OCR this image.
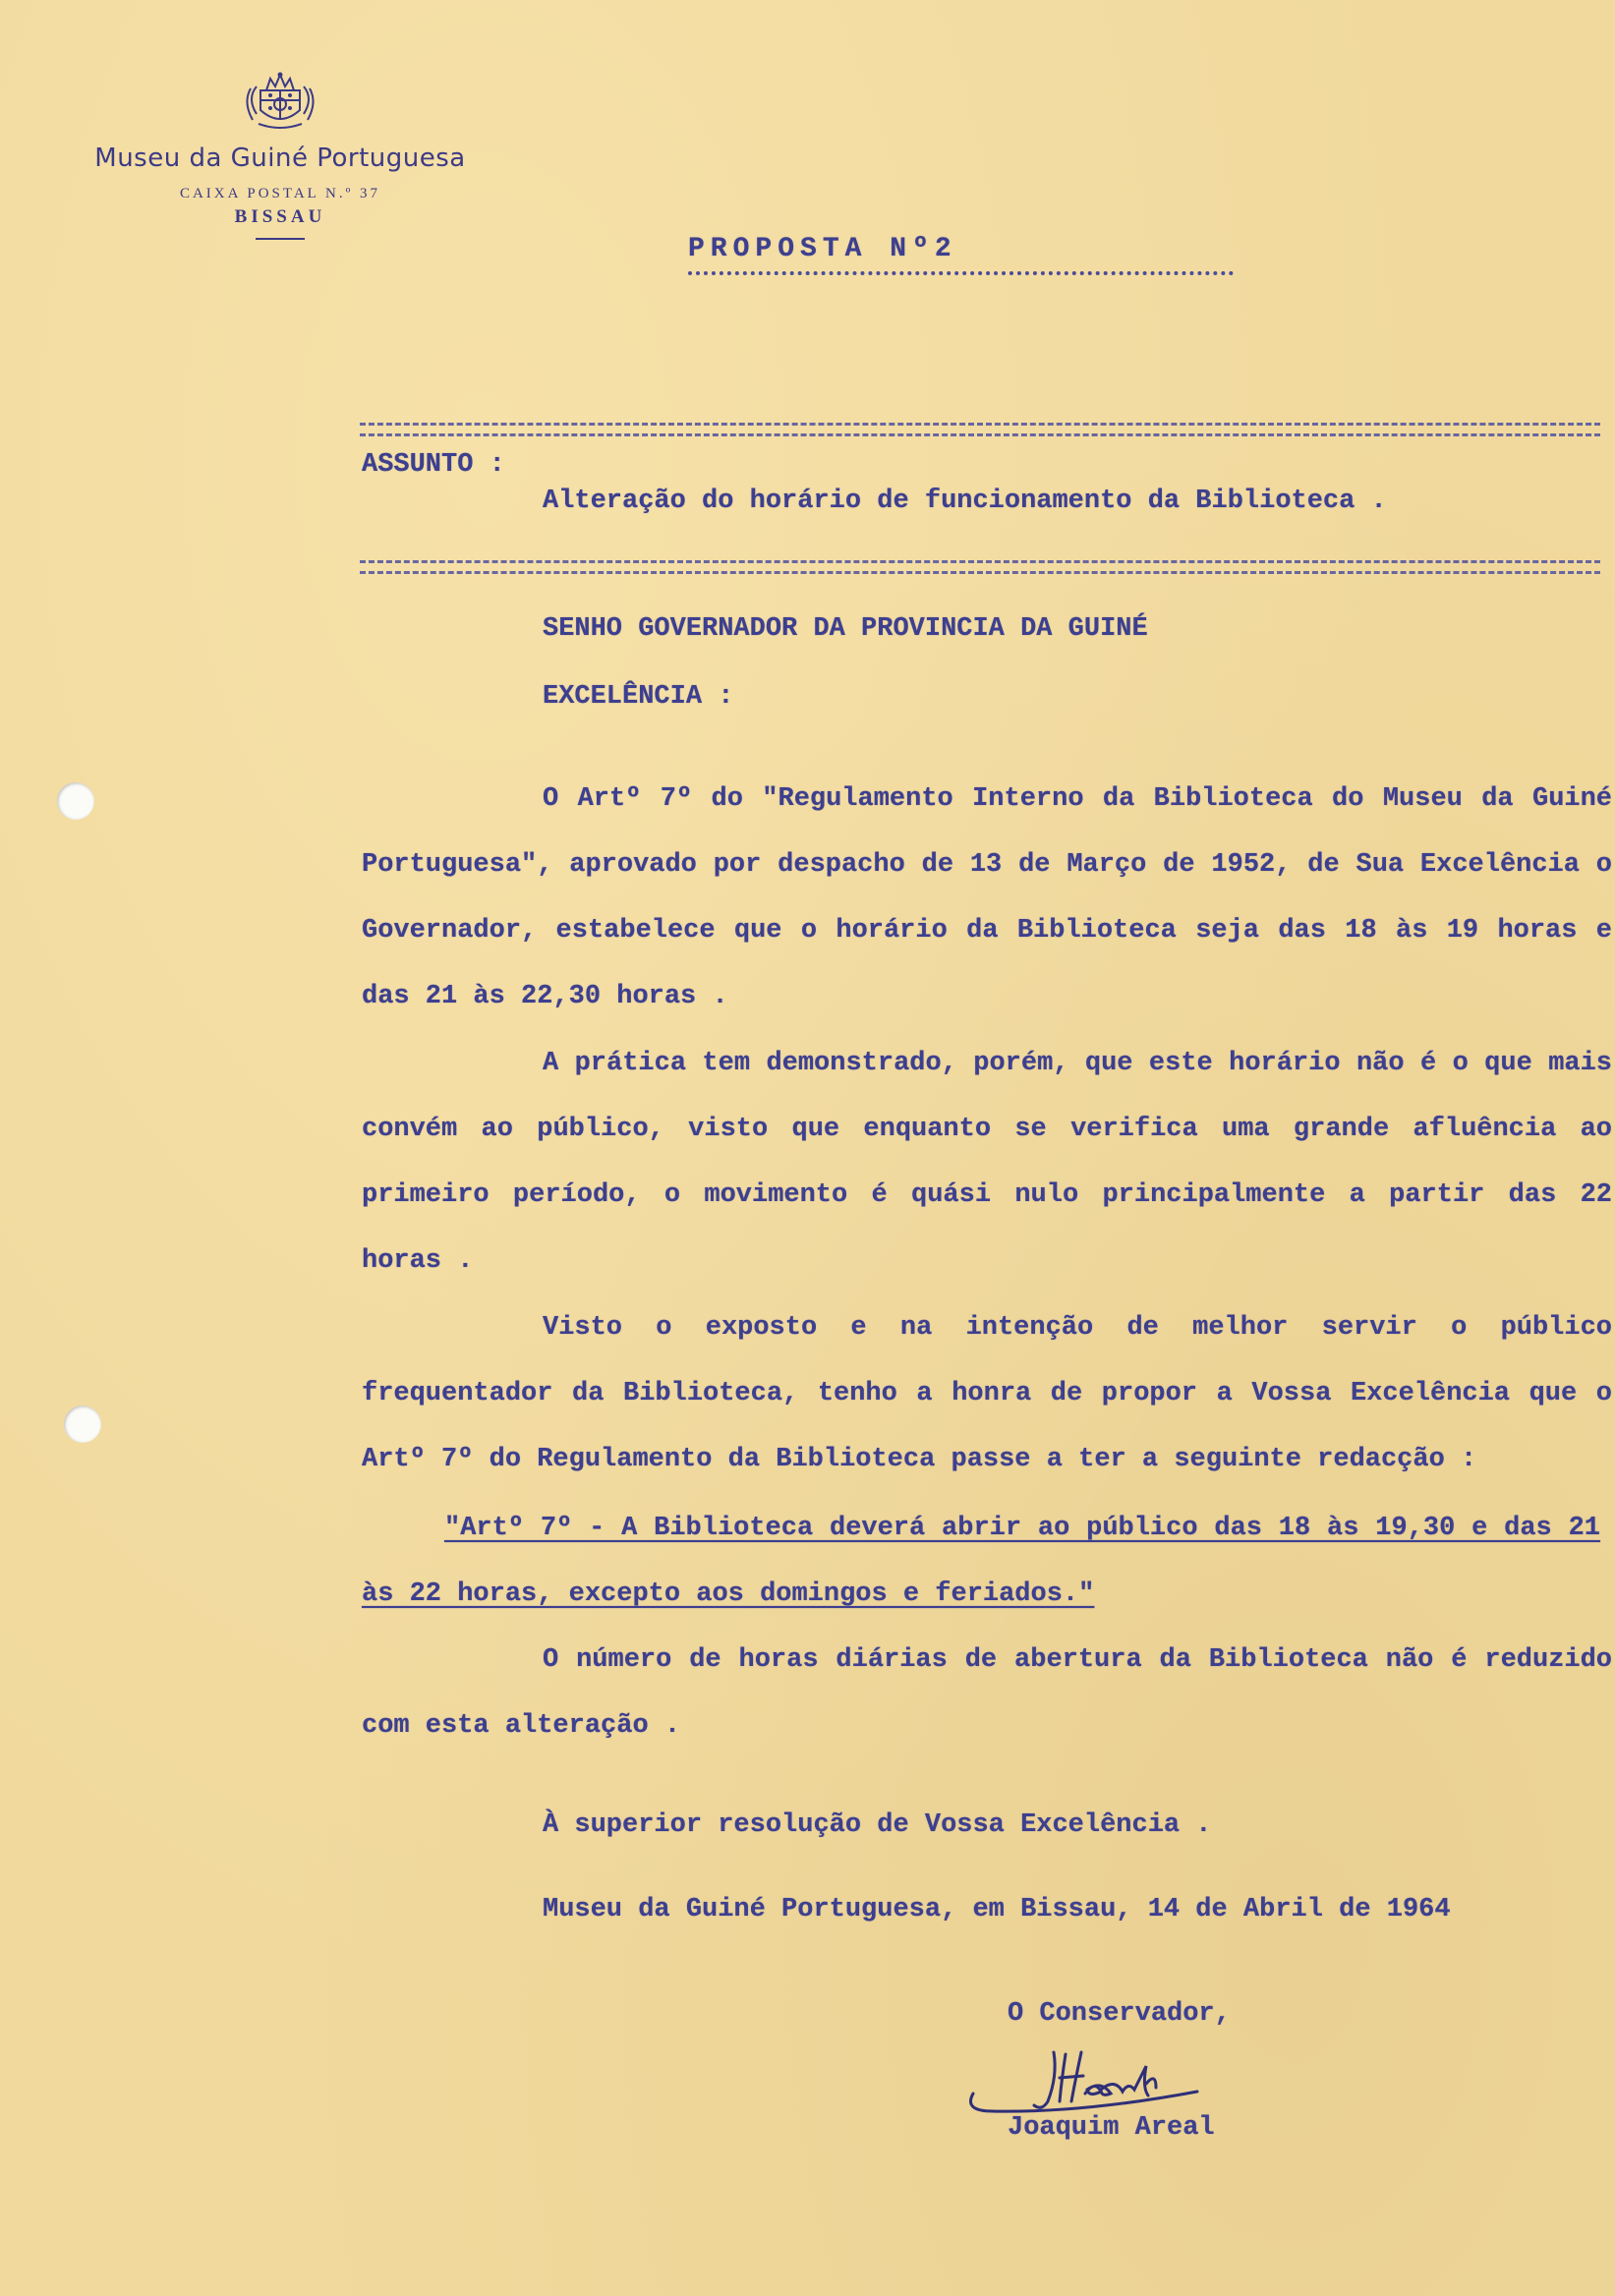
Museu da Guiné Portuguesa
CAIXA POSTAL N.º 37
BISSAU
PROPOSTA Nº2
ASSUNTO :
Alteração do horário de funcionamento da Biblioteca .
SENHO GOVERNADOR DA PROVINCIA DA GUINÉ
EXCELÊNCIA :

O Artº 7º do "Regulamento Interno da Biblioteca do Museu da Guiné Portuguesa", aprovado por despacho de 13 de Março de 1952, de Sua Excelência o Governador, estabelece que o horário da Biblioteca seja das 18 às 19 horas e das 21 às 22,30 horas .

A prática tem demonstrado, porém, que este horário não é o que mais convém ao público, visto que enquanto se verifica uma grande afluência ao primeiro período, o movimento é quási nulo principalmente a partir das 22 horas .

Visto o exposto e na intenção de melhor servir o público frequentador da Biblioteca, tenho a honra de propor a Vossa Excelência que o Artº 7º do Regulamento da Biblioteca passe a ter a seguinte redacção :

"Artº 7º - A Biblioteca deverá abrir ao público das 18 às 19,30 e das 21 às 22 horas, excepto aos domingos e feriados."

O número de horas diárias de abertura da Biblioteca não é reduzido com esta alteração .

À superior resolução de Vossa Excelência .

Museu da Guiné Portuguesa, em Bissau, 14 de Abril de 1964
O Conservador,
Joaquim Areal
